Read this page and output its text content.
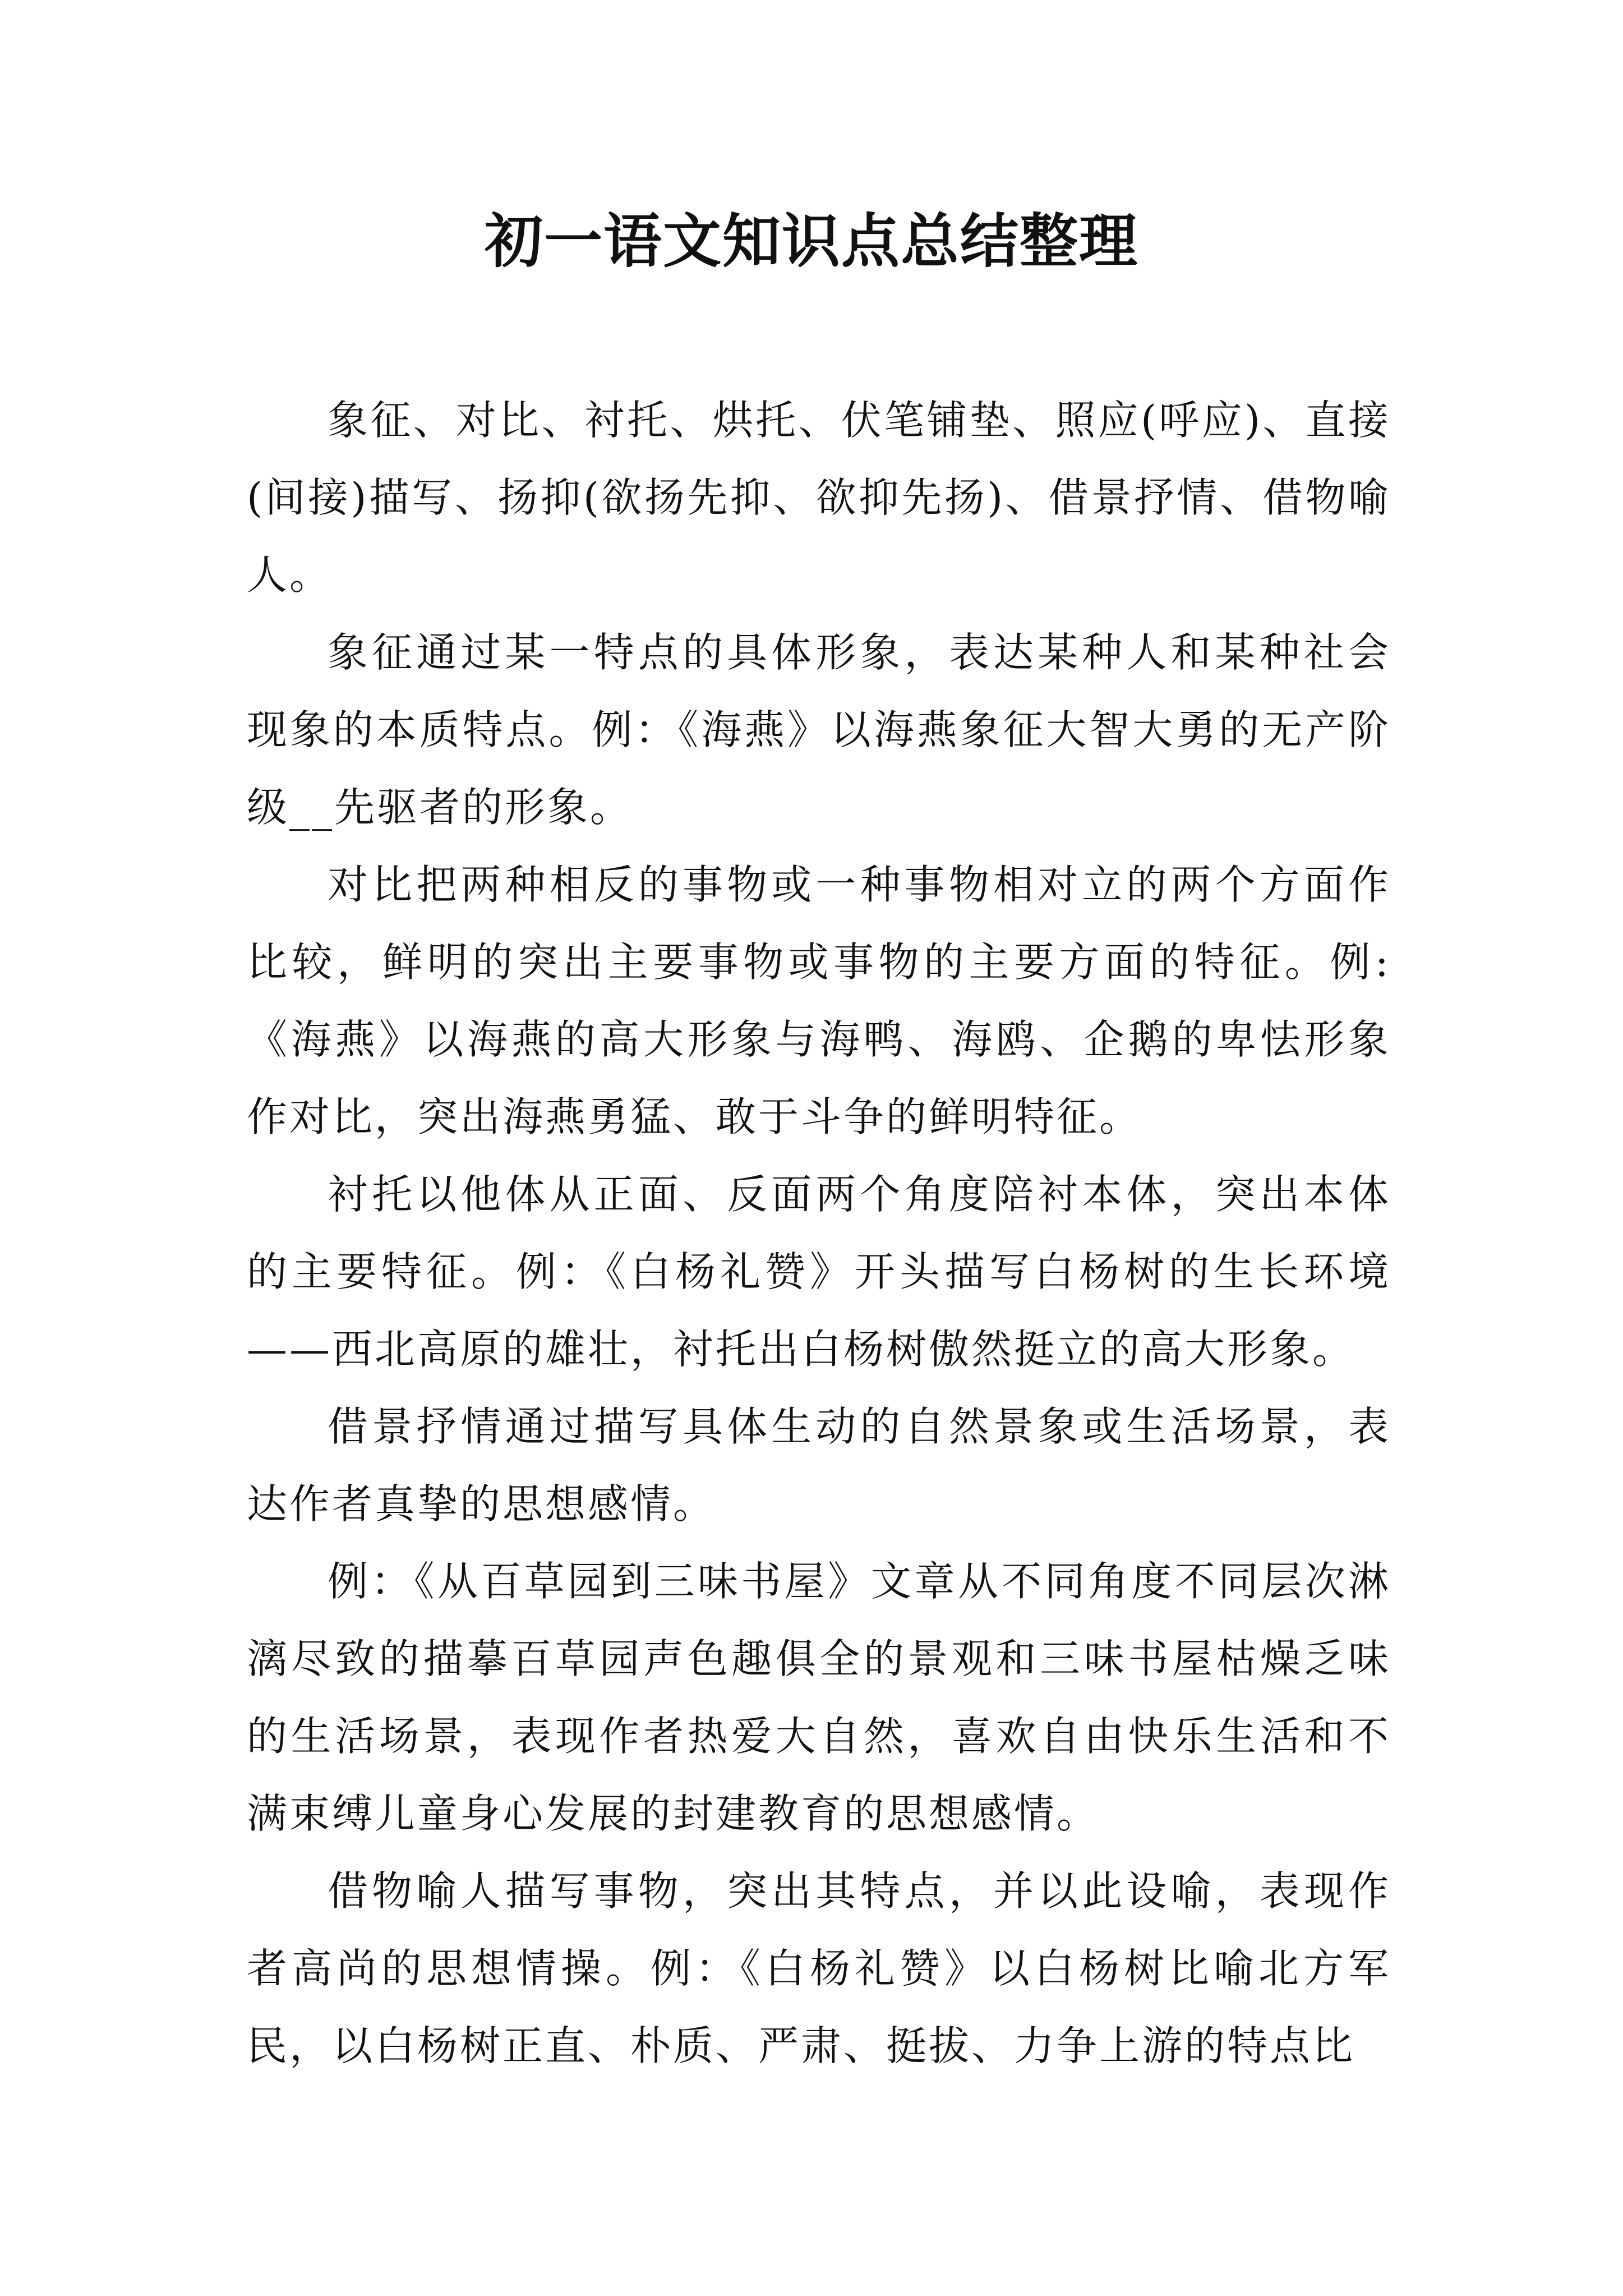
初一语文知识点总结整理

象征、对比、衬托、烘托、伏笔铺垫、照应(呼应)、直接(间接)描写、扬抑(欲扬先抑、欲抑先扬)、借景抒情、借物喻人。

象征通过某一特点的具体形象，表达某种人和某种社会现象的本质特点。例：《海燕》以海燕象征大智大勇的无产阶级__先驱者的形象。

对比把两种相反的事物或一种事物相对立的两个方面作比较，鲜明的突出主要事物或事物的主要方面的特征。例:《海燕》以海燕的高大形象与海鸭、海鸥、企鹅的卑怯形象作对比，突出海燕勇猛、敢于斗争的鲜明特征。

衬托以他体从正面、反面两个角度陪衬本体，突出本体的主要特征。例：《白杨礼赞》开头描写白杨树的生长环境——西北高原的雄壮，衬托出白杨树傲然挺立的高大形象。

借景抒情通过描写具体生动的自然景象或生活场景，表达作者真挚的思想感情。

例：《从百草园到三味书屋》文章从不同角度不同层次淋漓尽致的描摹百草园声色趣俱全的景观和三味书屋枯燥乏味的生活场景，表现作者热爱大自然，喜欢自由快乐生活和不满束缚儿童身心发展的封建教育的思想感情。

借物喻人描写事物，突出其特点，并以此设喻，表现作者高尚的思想情操。例：《白杨礼赞》以白杨树比喻北方军民，以白杨树正直、朴质、严肃、挺拔、力争上游的特点比
